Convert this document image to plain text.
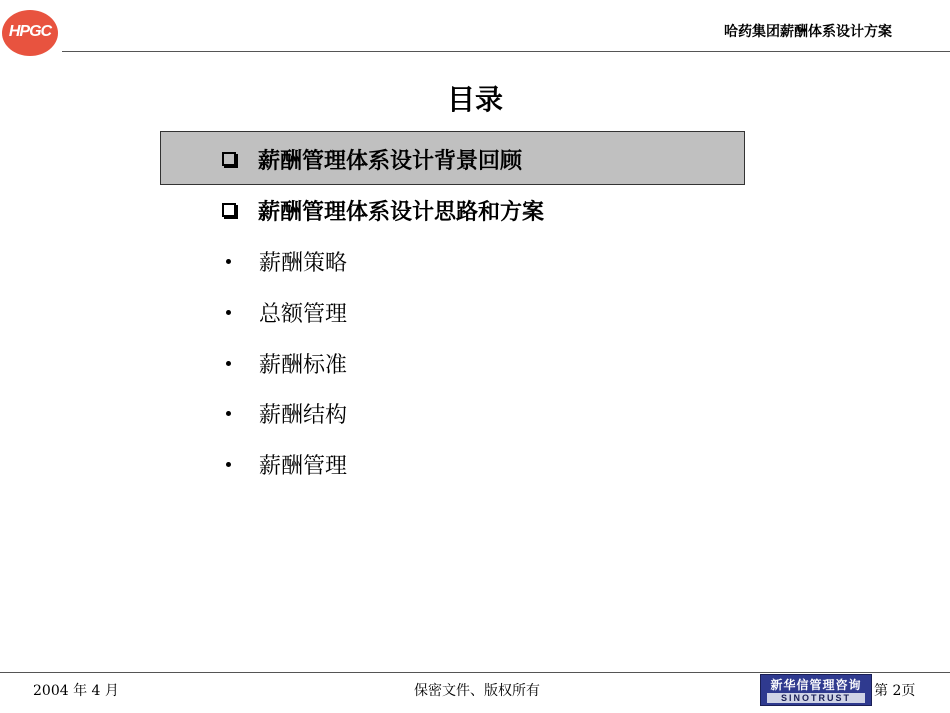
HPGC	哈药集团薪酬体系设计方案
目录
薪酬管理体系设计背景回顾
薪酬管理体系设计思路和方案
薪酬策略
总额管理
薪酬标准
薪酬结构
薪酬管理
2004 年 4 月	保密文件、版权所有	新华信管理咨询
SINOTRUST	第 2页
